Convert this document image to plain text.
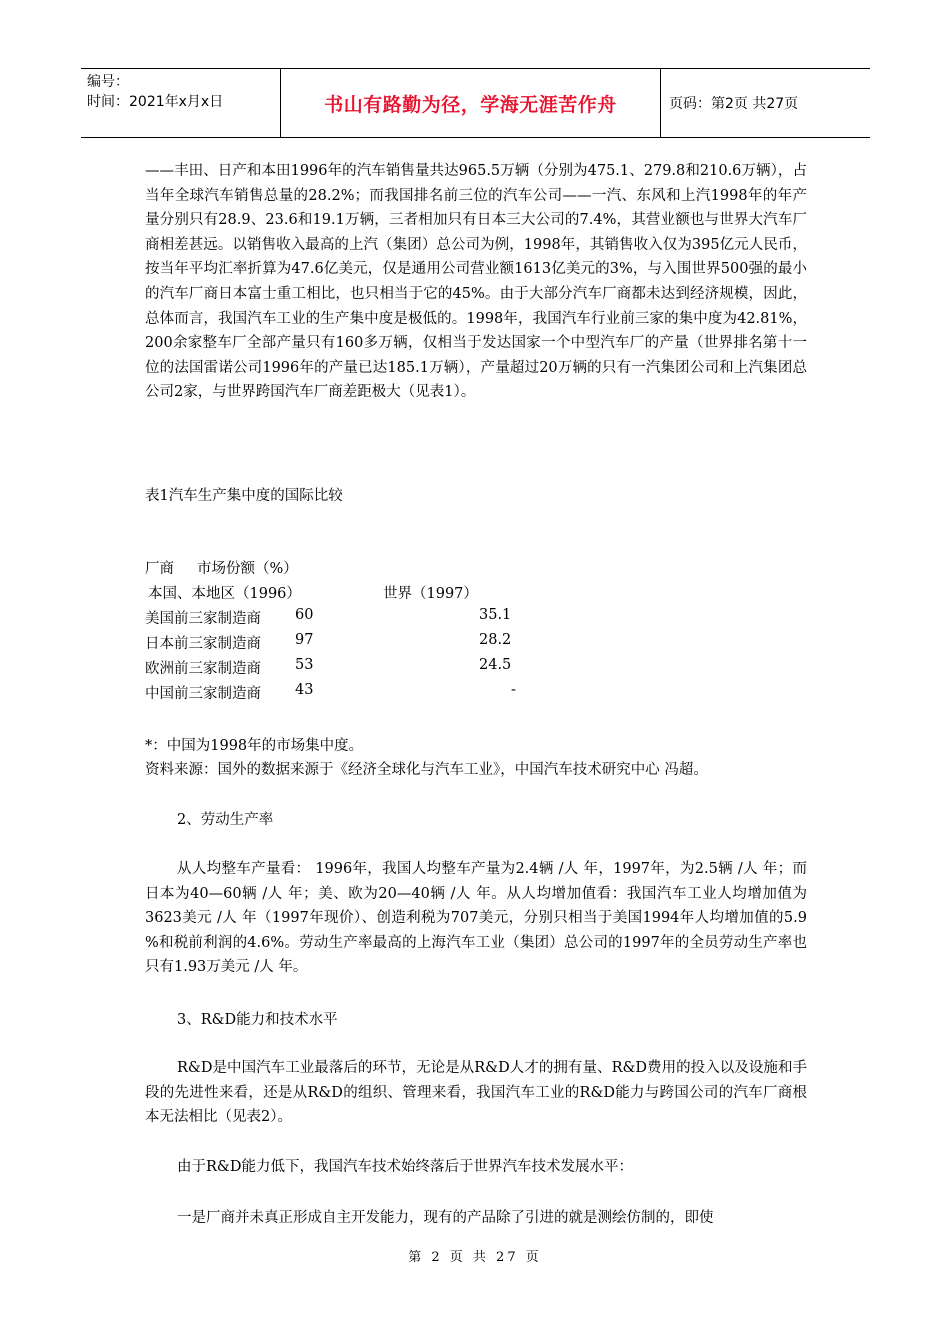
编号：
时间：2021年x月x日	书山有路勤为径，学海无涯苦作舟	页码：第2页 共27页

——丰田、日产和本田1996年的汽车销售量共达965.5万辆（分别为475.1、279.8和210.6万辆），占当年全球汽车销售总量的28.2%；而我国排名前三位的汽车公司——一汽、东风和上汽1998年的年产量分别只有28.9、23.6和19.1万辆，三者相加只有日本三大公司的7.4%，其营业额也与世界大汽车厂商相差甚远。以销售收入最高的上汽（集团）总公司为例，1998年，其销售收入仅为395亿元人民币，按当年平均汇率折算为47.6亿美元，仅是通用公司营业额1613亿美元的3%，与入围世界500强的最小的汽车厂商日本富士重工相比，也只相当于它的45%。由于大部分汽车厂商都未达到经济规模，因此，总体而言，我国汽车工业的生产集中度是极低的。1998年，我国汽车行业前三家的集中度为42.81%，200余家整车厂全部产量只有160多万辆，仅相当于发达国家一个中型汽车厂的产量（世界排名第十一位的法国雷诺公司1996年的产量已达185.1万辆），产量超过20万辆的只有一汽集团公司和上汽集团总公司2家，与世界跨国汽车厂商差距极大（见表1）。

表1汽车生产集中度的国际比较

厂商 市场份额（%）
本国、本地区（1996）	世界（1997）
美国前三家制造商 60	35.1
日本前三家制造商 97	28.2
欧洲前三家制造商 53	24.5
中国前三家制造商 43	-

*：中国为1998年的市场集中度。

资料来源：国外的数据来源于《经济全球化与汽车工业》，中国汽车技术研究中心 冯超。

2、劳动生产率

从人均整车产量看： 1996年，我国人均整车产量为2.4辆 /人 年，1997年，为2.5辆 /人 年；而日本为40—60辆 /人 年；美、欧为20—40辆 /人 年。从人均增加值看：我国汽车工业人均增加值为3623美元 /人 年（1997年现价）、创造利税为707美元，分别只相当于美国1994年人均增加值的5.9 %和税前利润的4.6%。劳动生产率最高的上海汽车工业（集团）总公司的1997年的全员劳动生产率也只有1.93万美元 /人 年。

3、R&D能力和技术水平

R&D是中国汽车工业最落后的环节，无论是从R&D人才的拥有量、R&D费用的投入以及设施和手段的先进性来看，还是从R&D的组织、管理来看，我国汽车工业的R&D能力与跨国公司的汽车厂商根本无法相比（见表2）。

由于R&D能力低下，我国汽车技术始终落后于世界汽车技术发展水平：

一是厂商并未真正形成自主开发能力，现有的产品除了引进的就是测绘仿制的，即使

第 2 页 共 27 页
